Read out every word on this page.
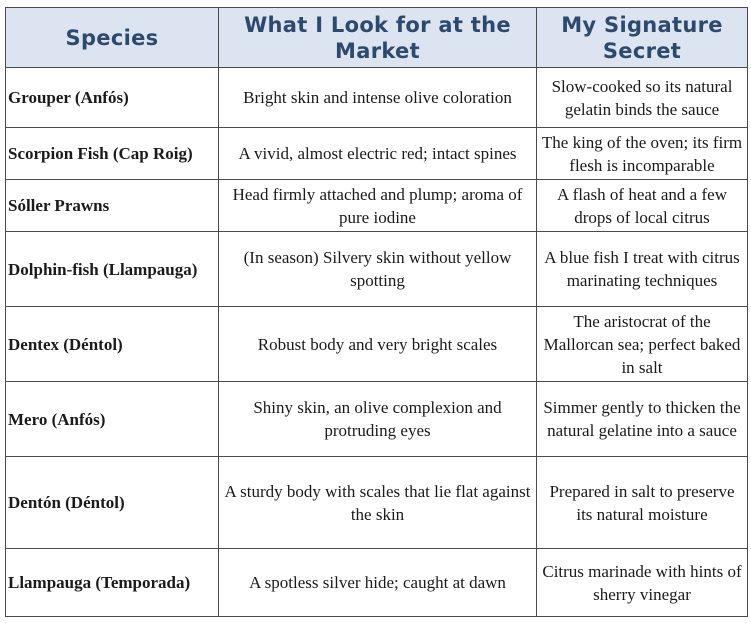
Species	What I Look for at the Market	My Signature Secret
Grouper (Anfós)	Bright skin and intense olive coloration	Slow-cooked so its natural gelatin binds the sauce
Scorpion Fish (Cap Roig)	A vivid, almost electric red; intact spines	The king of the oven; its firm flesh is incomparable
Sóller Prawns	Head firmly attached and plump; aroma of pure iodine	A flash of heat and a few drops of local citrus
Dolphin-fish (Llampauga)	(In season) Silvery skin without yellow spotting	A blue fish I treat with citrus marinating techniques
Dentex (Déntol)	Robust body and very bright scales	The aristocrat of the Mallorcan sea; perfect baked in salt
Mero (Anfós)	Shiny skin, an olive complexion and protruding eyes	Simmer gently to thicken the natural gelatine into a sauce
Dentón (Déntol)	A sturdy body with scales that lie flat against the skin	Prepared in salt to preserve its natural moisture
Llampauga (Temporada)	A spotless silver hide; caught at dawn	Citrus marinade with hints of sherry vinegar
